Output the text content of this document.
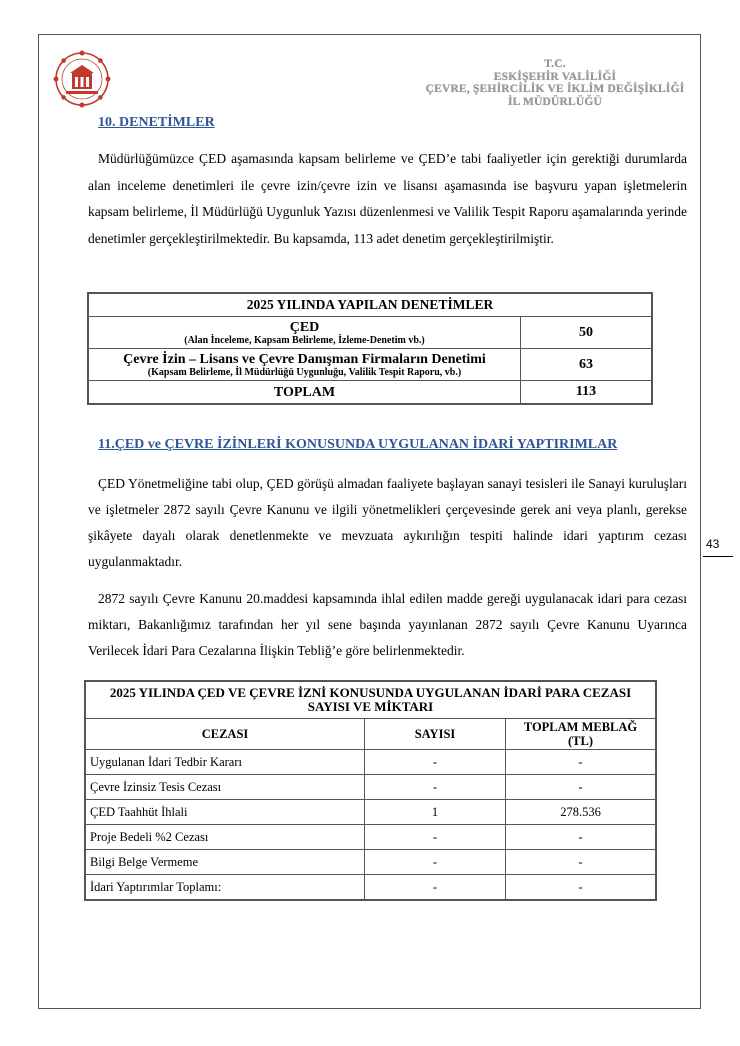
T.C.
ESKİŞEHİR VALİLİĞİ
ÇEVRE, ŞEHİRCİLİK VE İKLİM DEĞİŞİKLİĞİ
İL MÜDÜRLÜĞÜ
10. DENETİMLER
Müdürlüğümüzce ÇED aşamasında kapsam belirleme ve ÇED’e tabi faaliyetler için gerektiği durumlarda alan inceleme denetimleri ile çevre izin/çevre izin ve lisansı aşamasında ise başvuru yapan işletmelerin kapsam belirleme, İl Müdürlüğü Uygunluk Yazısı düzenlenmesi ve Valilik Tespit Raporu aşamalarında yerinde denetimler gerçekleştirilmektedir. Bu kapsamda, 113 adet denetim gerçekleştirilmiştir.
2025 YILINDA YAPILAN DENETİMLER	

ÇED
(Alan İnceleme, Kapsam Belirleme, İzleme-Denetim vb.)	50

Çevre İzin – Lisans ve Çevre Danışman Firmaların Denetimi
(Kapsam Belirleme, İl Müdürlüğü Uygunluğu, Valilik Tespit Raporu, vb.)	63
TOPLAM	113
11.ÇED ve ÇEVRE İZİNLERİ KONUSUNDA UYGULANAN İDARİ YAPTIRIMLAR
ÇED Yönetmeliğine tabi olup, ÇED görüşü almadan faaliyete başlayan sanayi tesisleri ile Sanayi kuruluşları ve işletmeler 2872 sayılı Çevre Kanunu ve ilgili yönetmelikleri çerçevesinde gerek ani veya planlı, gerekse şikâyete dayalı olarak denetlenmekte ve mevzuata aykırılığın tespiti halinde idari yaptırım cezası uygulanmaktadır.
2872 sayılı Çevre Kanunu 20.maddesi kapsamında ihlal edilen madde gereği uygulanacak idari para cezası miktarı, Bakanlığımız tarafından her yıl sene başında yayınlanan 2872 sayılı Çevre Kanunu Uyarınca Verilecek İdari Para Cezalarına İlişkin Tebliğ’e göre belirlenmektedir.
2025 YILINDA ÇED VE ÇEVRE İZNİ KONUSUNDA UYGULANAN İDARİ PARA CEZASI SAYISI VE MİKTARI		
CEZASI	SAYISI	TOPLAM MEBLAĞ (TL)
Uygulanan İdari Tedbir Kararı	-	-
Çevre İzinsiz Tesis Cezası	-	-
ÇED Taahhüt İhlali	1	278.536
Proje Bedeli %2 Cezası	-	-
Bilgi Belge Vermeme	-	-
İdari Yaptırımlar Toplamı:	-	-
43
